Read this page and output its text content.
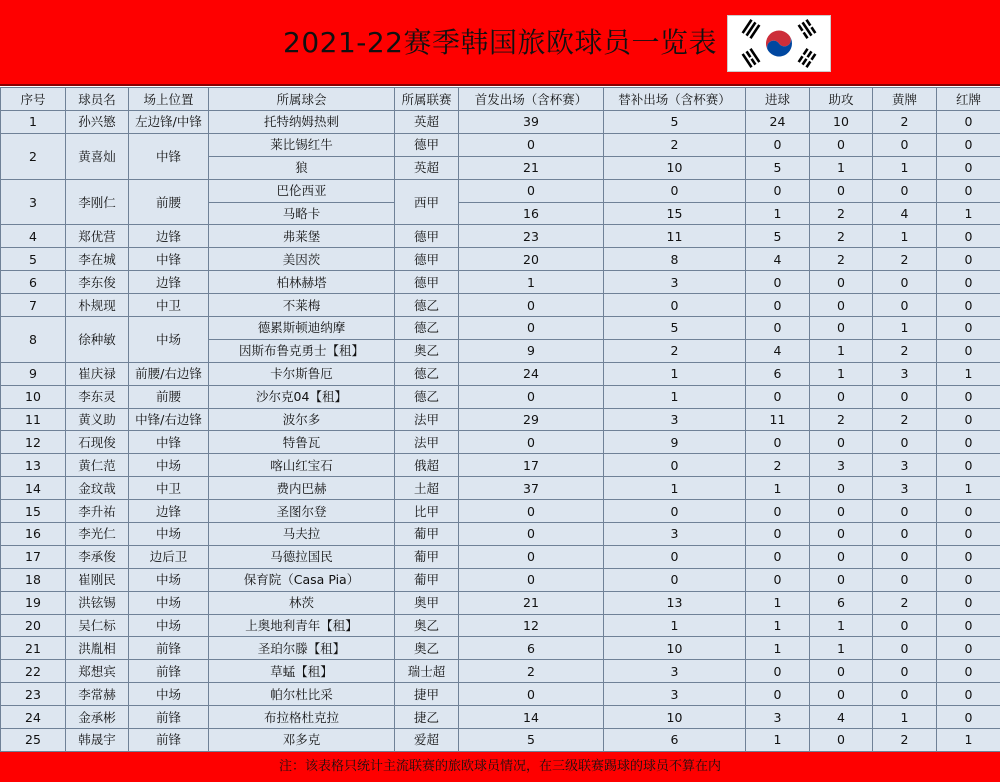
2021-22赛季韩国旅欧球员一览表
序号	球员名	场上位置	所属球会	所属联赛	首发出场（含杯赛）	替补出场（含杯赛）	进球	助攻	黄牌	红牌
1	孙兴慜	左边锋/中锋	托特纳姆热刺	英超	39	5	24	10	2	0
2	黄喜灿	中锋	莱比锡红牛	德甲	0	2	0	0	0	0
			狼	英超	21	10	5	1	1	0
3	李刚仁	前腰	巴伦西亚	西甲	0	0	0	0	0	0
			马略卡		16	15	1	2	4	1
4	郑优营	边锋	弗莱堡	德甲	23	11	5	2	1	0
5	李在城	中锋	美因茨	德甲	20	8	4	2	2	0
6	李东俊	边锋	柏林赫塔	德甲	1	3	0	0	0	0
7	朴规现	中卫	不莱梅	德乙	0	0	0	0	0	0
8	徐种敏	中场	德累斯顿迪纳摩	德乙	0	5	0	0	1	0
			因斯布鲁克勇士【租】	奥乙	9	2	4	1	2	0
9	崔庆禄	前腰/右边锋	卡尔斯鲁厄	德乙	24	1	6	1	3	1
10	李东灵	前腰	沙尔克04【租】	德乙	0	1	0	0	0	0
11	黄义助	中锋/右边锋	波尔多	法甲	29	3	11	2	2	0
12	石现俊	中锋	特鲁瓦	法甲	0	9	0	0	0	0
13	黄仁范	中场	喀山红宝石	俄超	17	0	2	3	3	0
14	金玟哉	中卫	费内巴赫	土超	37	1	1	0	3	1
15	李升祐	边锋	圣图尔登	比甲	0	0	0	0	0	0
16	李光仁	中场	马夫拉	葡甲	0	3	0	0	0	0
17	李承俊	边后卫	马德拉国民	葡甲	0	0	0	0	0	0
18	崔刚民	中场	保育院（Casa Pia）	葡甲	0	0	0	0	0	0
19	洪铉锡	中场	林茨	奥甲	21	13	1	6	2	0
20	吴仁标	中场	上奥地利青年【租】	奥乙	12	1	1	1	0	0
21	洪胤相	前锋	圣珀尔滕【租】	奥乙	6	10	1	1	0	0
22	郑想宾	前锋	草蜢【租】	瑞士超	2	3	0	0	0	0
23	李常赫	中场	帕尔杜比采	捷甲	0	3	0	0	0	0
24	金承彬	前锋	布拉格杜克拉	捷乙	14	10	3	4	1	0
25	韩晟宇	前锋	邓多克	爱超	5	6	1	0	2	1
注：该表格只统计主流联赛的旅欧球员情况，在三级联赛踢球的球员不算在内
